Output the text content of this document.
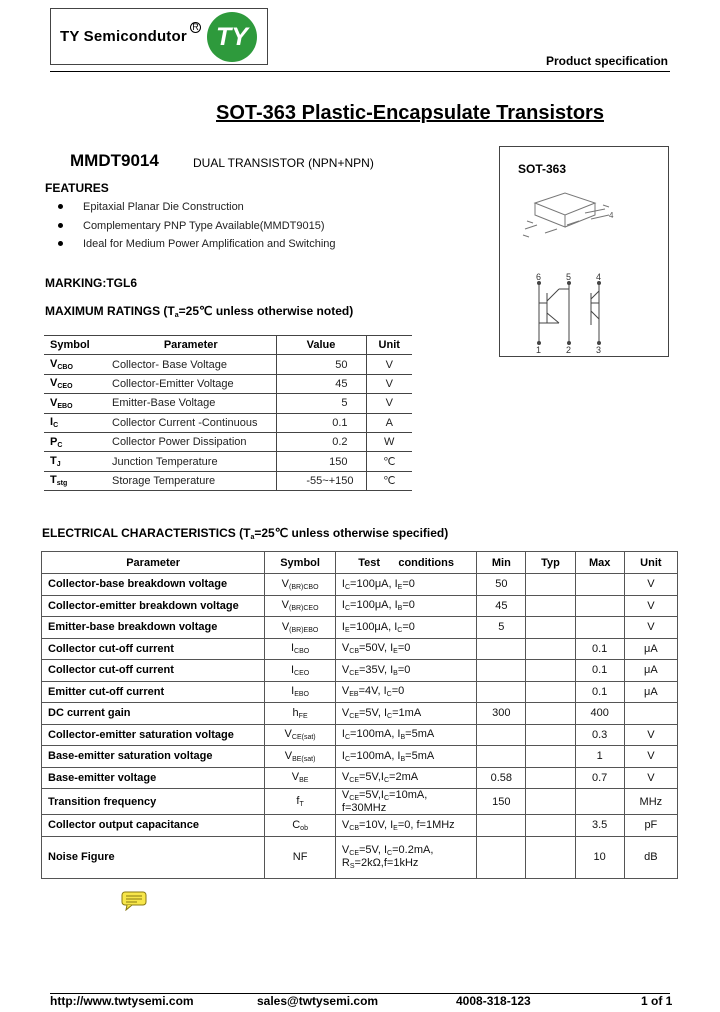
TY Semicondutor
R TY
Product specification
SOT-363 Plastic-Encapsulate Transistors
MMDT9014	DUAL TRANSISTOR (NPN+NPN)
FEATURES
Epitaxial Planar Die Construction
Complementary PNP Type Available(MMDT9015)
Ideal for Medium Power Amplification and Switching
MARKING:TGL6
MAXIMUM RATINGS ($T_a=25℃$ unless otherwise noted)
Symbol	Parameter	Value	Unit
$V_{CBO}$	Collector- Base Voltage	50	V
$V_{CEO}$	Collector-Emitter Voltage	45	V
$V_{EBO}$	Emitter-Base Voltage	5	V
$I_C$	Collector Current -Continuous	0.1	A
$P_C$	Collector Power Dissipation	0.2	W
$T_J$	Junction Temperature	150	℃
$T_{stg}$	Storage Temperature	-55~+150	℃
SOT-363
4
6	5	4
1	2	3
ELECTRICAL CHARACTERISTICS ($T_a=25℃$ unless otherwise specified)
Parameter	Symbol	Test      conditions	Min	Typ	Max	Unit
Collector-base breakdown voltage	$V_{(BR)CBO}$	$I_C=100\mu A$, $I_E=0$	50			V
Collector-emitter breakdown voltage	$V_{(BR)CEO}$	$I_C=100\mu A$, $I_B=0$	45			V
Emitter-base breakdown voltage	$V_{(BR)EBO}$	$I_E=100\mu A$, $I_C=0$	5			V
Collector cut-off current	$I_{CBO}$	$V_{CB}=50V$, $I_E=0$			0.1	μA
Collector cut-off current	$I_{CEO}$	$V_{CE}=35V$, $I_B=0$			0.1	μA
Emitter cut-off current	$I_{EBO}$	$V_{EB}=4V$, $I_C=0$			0.1	μA
DC current gain	$h_{FE}$	$V_{CE}=5V$, $I_C=1mA$	300		400	
Collector-emitter saturation voltage	$V_{CE(sat)}$	$I_C=100mA$, $I_B=5mA$			0.3	V
Base-emitter saturation voltage	$V_{BE(sat)}$	$I_C=100mA$, $I_B=5mA$			1	V
Base-emitter voltage	$V_{BE}$	$V_{CE}=5V,I_C=2mA$	0.58		0.7	V
Transition frequency	$f_T$	$V_{CE}=5V,I_C=10mA$, f=30MHz	150			MHz
Collector output capacitance	$C_{ob}$	$V_{CB}=10V$, $I_E=0$, f=1MHz			3.5	pF
Noise Figure	NF	$V_{CE}=5V$, $I_C=0.2mA$,
$R_S=2k\Omega,f=1kHz$			10	dB
http://www.twtysemi.com	sales@twtysemi.com	4008-318-123	1 of 1
